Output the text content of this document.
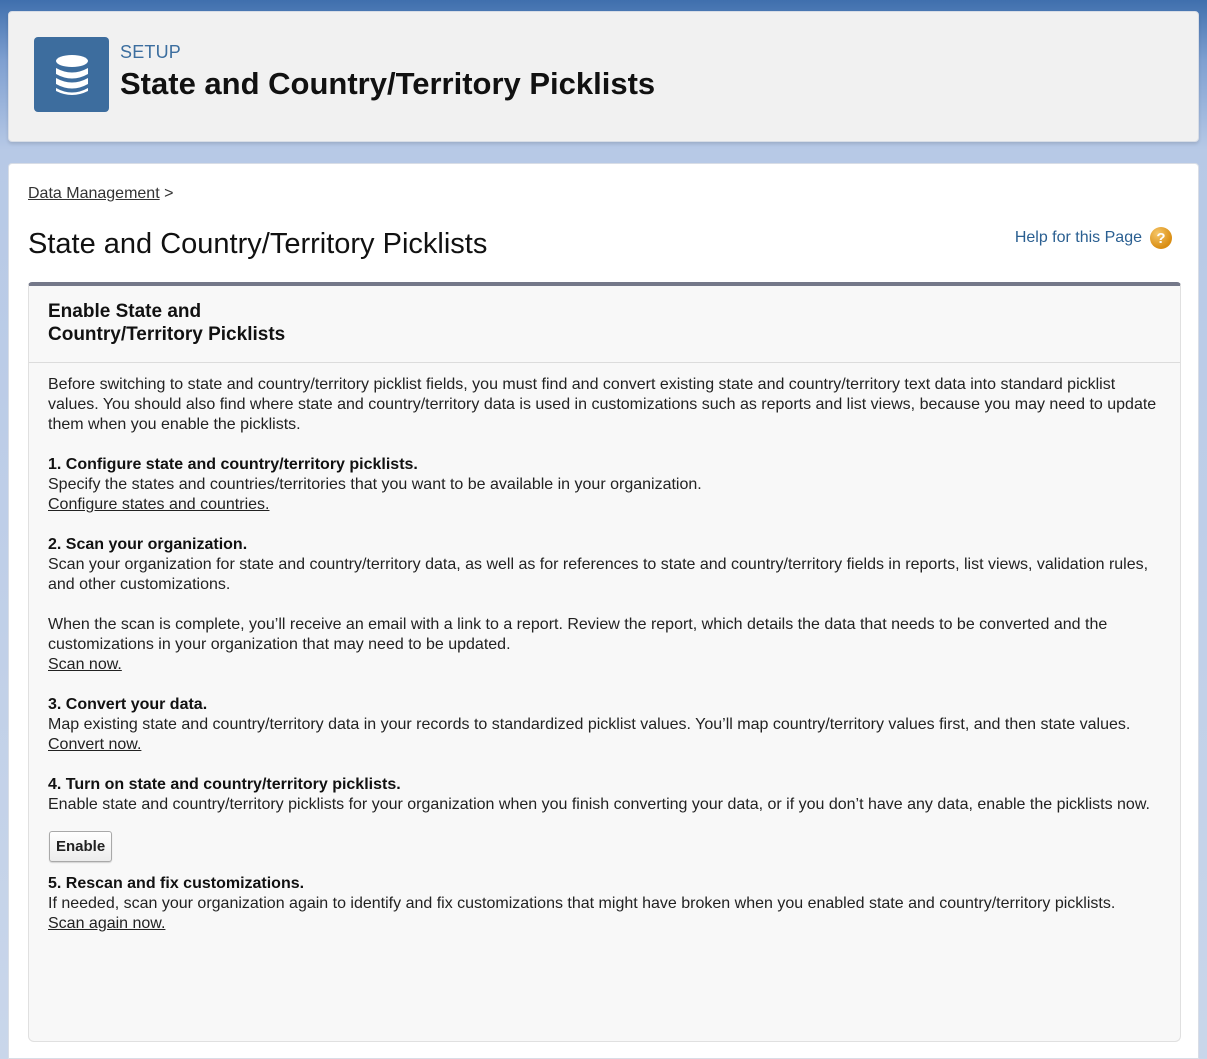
SETUP
State and Country/Territory Picklists
Data Management >
State and Country/Territory Picklists	Help for this Page ?
Enable State and
Country/Territory Picklists
Before switching to state and country/territory picklist fields, you must find and convert existing state and country/territory text data into standard picklist values. You should also find where state and country/territory data is used in customizations such as reports and list views, because you may need to update them when you enable the picklists.
1. Configure state and country/territory picklists.
Specify the states and countries/territories that you want to be available in your organization.
Configure states and countries.
2. Scan your organization.
Scan your organization for state and country/territory data, as well as for references to state and country/territory fields in reports, list views, validation rules, and other customizations.
When the scan is complete, you’ll receive an email with a link to a report. Review the report, which details the data that needs to be converted and the customizations in your organization that may need to be updated.
Scan now.
3. Convert your data.
Map existing state and country/territory data in your records to standardized picklist values. You’ll map country/territory values first, and then state values.
Convert now.
4. Turn on state and country/territory picklists.
Enable state and country/territory picklists for your organization when you finish converting your data, or if you don’t have any data, enable the picklists now.
Enable
5. Rescan and fix customizations.
If needed, scan your organization again to identify and fix customizations that might have broken when you enabled state and country/territory picklists.
Scan again now.
